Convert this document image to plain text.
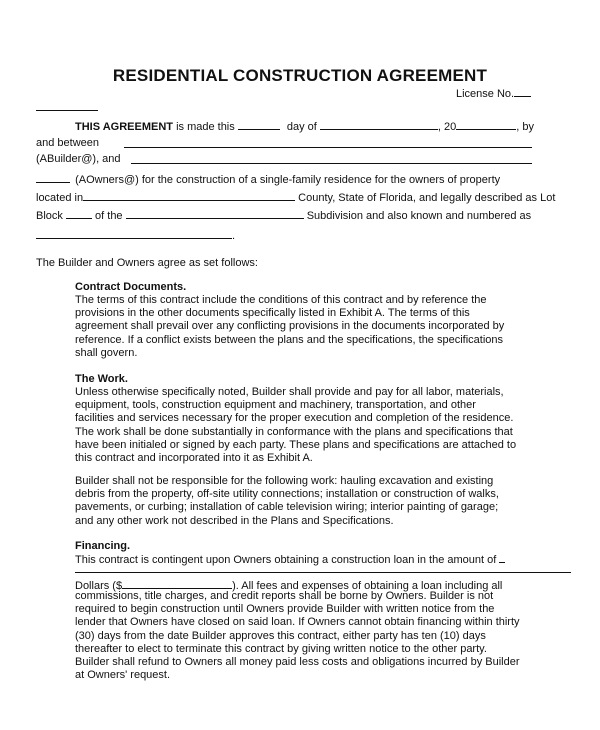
RESIDENTIAL CONSTRUCTION AGREEMENT
License No.
THIS AGREEMENT is made this	day of	, 20	, by
and between
(ABuilder@), and
(AOwners@) for the construction of a single-family residence for the owners of property
located in	County, State of Florida, and legally described as Lot
Block	of the	Subdivision and also known and numbered as
.
The Builder and Owners agree as set follows:
Contract Documents.
The terms of this contract include the conditions of this contract and by reference the
provisions in the other documents specifically listed in Exhibit A. The terms of this
agreement shall prevail over any conflicting provisions in the documents incorporated by
reference. If a conflict exists between the plans and the specifications, the specifications
shall govern.
The Work.
Unless otherwise specifically noted, Builder shall provide and pay for all labor, materials,
equipment, tools, construction equipment and machinery, transportation, and other
facilities and services necessary for the proper execution and completion of the residence.
The work shall be done substantially in conformance with the plans and specifications that
have been initialed or signed by each party. These plans and specifications are attached to
this contract and incorporated into it as Exhibit A.
Builder shall not be responsible for the following work: hauling excavation and existing
debris from the property, off-site utility connections; installation or construction of walks,
pavements, or curbing; installation of cable television wiring; interior painting of garage;
and any other work not described in the Plans and Specifications.
Financing.
This contract is contingent upon Owners obtaining a construction loan in the amount of
Dollars ($	). All fees and expenses of obtaining a loan including all
commissions, title charges, and credit reports shall be borne by Owners. Builder is not
required to begin construction until Owners provide Builder with written notice from the
lender that Owners have closed on said loan. If Owners cannot obtain financing within thirty
(30) days from the date Builder approves this contract, either party has ten (10) days
thereafter to elect to terminate this contract by giving written notice to the other party.
Builder shall refund to Owners all money paid less costs and obligations incurred by Builder
at Owners' request.
